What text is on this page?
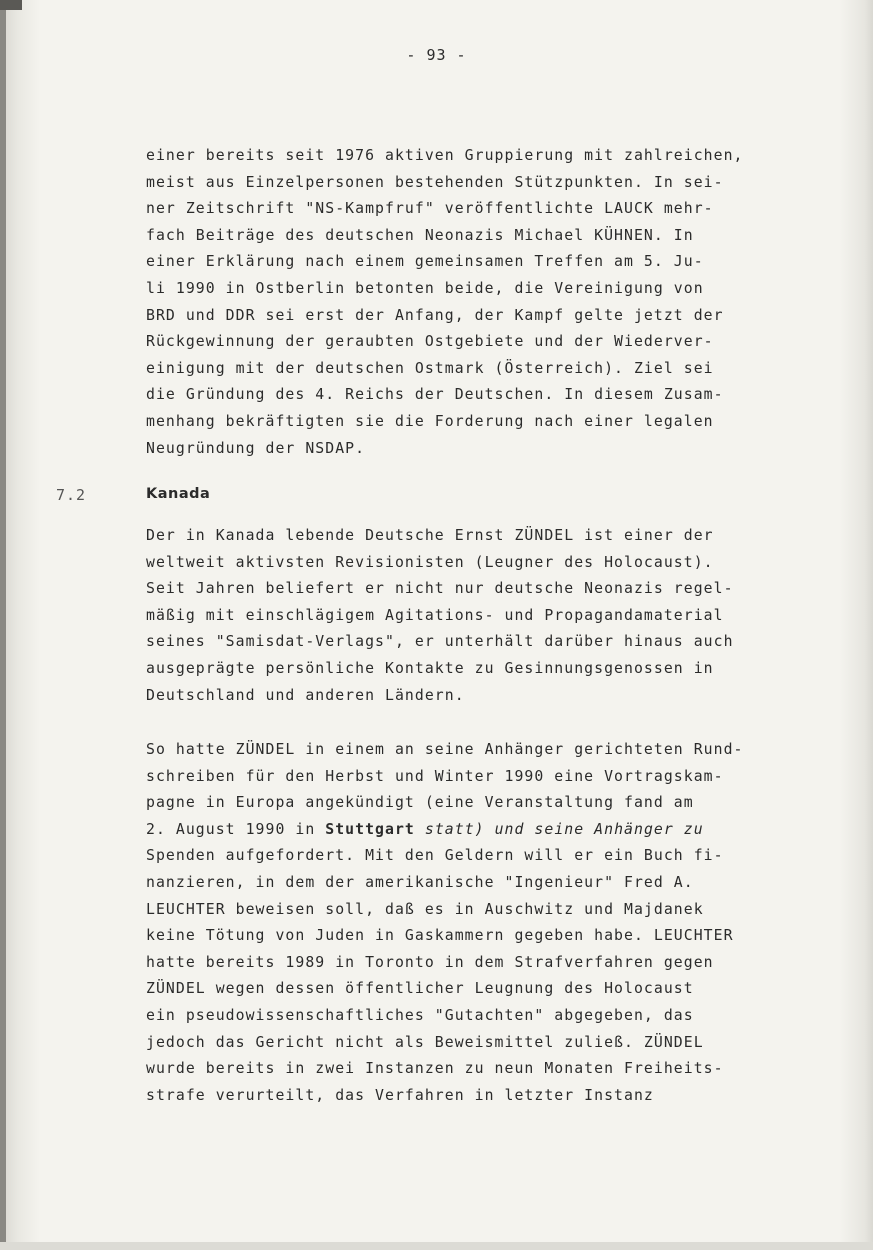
- 93 -
einer bereits seit 1976 aktiven Gruppierung mit zahlreichen,
meist aus Einzelpersonen bestehenden Stützpunkten. In sei-
ner Zeitschrift "NS-Kampfruf" veröffentlichte LAUCK mehr-
fach Beiträge des deutschen Neonazis Michael KÜHNEN. In
einer Erklärung nach einem gemeinsamen Treffen am 5. Ju-
li 1990 in Ostberlin betonten beide, die Vereinigung von
BRD und DDR sei erst der Anfang, der Kampf gelte jetzt der
Rückgewinnung der geraubten Ostgebiete und der Wiederver-
einigung mit der deutschen Ostmark (Österreich). Ziel sei
die Gründung des 4. Reichs der Deutschen. In diesem Zusam-
menhang bekräftigten sie die Forderung nach einer legalen
Neugründung der NSDAP.
7.2	Kanada
Der in Kanada lebende Deutsche Ernst ZÜNDEL ist einer der
weltweit aktivsten Revisionisten (Leugner des Holocaust).
Seit Jahren beliefert er nicht nur deutsche Neonazis regel-
mäßig mit einschlägigem Agitations- und Propagandamaterial
seines "Samisdat-Verlags", er unterhält darüber hinaus auch
ausgeprägte persönliche Kontakte zu Gesinnungsgenossen in
Deutschland und anderen Ländern.
So hatte ZÜNDEL in einem an seine Anhänger gerichteten Rund-
schreiben für den Herbst und Winter 1990 eine Vortragskam-
pagne in Europa angekündigt (eine Veranstaltung fand am
2. August 1990 in Stuttgart statt) und seine Anhänger zu
Spenden aufgefordert. Mit den Geldern will er ein Buch fi-
nanzieren, in dem der amerikanische "Ingenieur" Fred A.
LEUCHTER beweisen soll, daß es in Auschwitz und Majdanek
keine Tötung von Juden in Gaskammern gegeben habe. LEUCHTER
hatte bereits 1989 in Toronto in dem Strafverfahren gegen
ZÜNDEL wegen dessen öffentlicher Leugnung des Holocaust
ein pseudowissenschaftliches "Gutachten" abgegeben, das
jedoch das Gericht nicht als Beweismittel zuließ. ZÜNDEL
wurde bereits in zwei Instanzen zu neun Monaten Freiheits-
strafe verurteilt, das Verfahren in letzter Instanz
